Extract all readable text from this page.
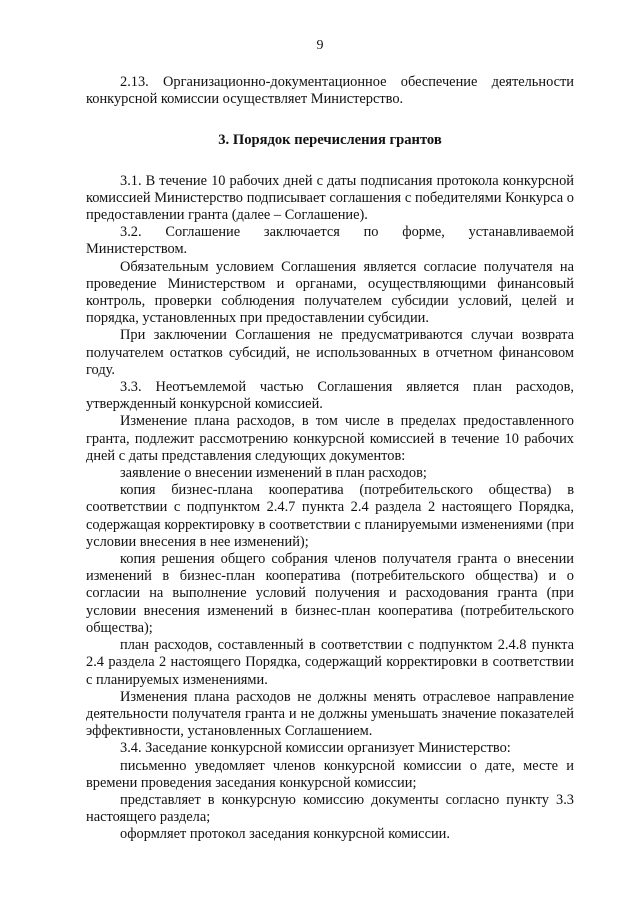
9

2.13. Организационно-документационное обеспечение деятельности конкурсной комиссии осуществляет Министерство.

3. Порядок перечисления грантов

3.1. В течение 10 рабочих дней с даты подписания протокола конкурсной комиссией Министерство подписывает соглашения с победителями Конкурса о предоставлении гранта (далее – Соглашение).

3.2. Соглашение заключается по форме, устанавливаемой Министерством.

Обязательным условием Соглашения является согласие получателя на проведение Министерством и органами, осуществляющими финансовый контроль, проверки соблюдения получателем субсидии условий, целей и порядка, установленных при предоставлении субсидии.

При заключении Соглашения не предусматриваются случаи возврата получателем остатков субсидий, не использованных в отчетном финансовом году.

3.3. Неотъемлемой частью Соглашения является план расходов, утвержденный конкурсной комиссией.

Изменение плана расходов, в том числе в пределах предоставленного гранта, подлежит рассмотрению конкурсной комиссией в течение 10 рабочих дней с даты представления следующих документов:

заявление о внесении изменений в план расходов;

копия бизнес-плана кооператива (потребительского общества) в соответствии с подпунктом 2.4.7 пункта 2.4 раздела 2 настоящего Порядка, содержащая корректировку в соответствии с планируемыми изменениями (при условии внесения в нее изменений);

копия решения общего собрания членов получателя гранта о внесении изменений в бизнес-план кооператива (потребительского общества) и о согласии на выполнение условий получения и расходования гранта (при условии внесения изменений в бизнес-план кооператива (потребительского общества);

план расходов, составленный в соответствии с подпунктом 2.4.8 пункта 2.4 раздела 2 настоящего Порядка, содержащий корректировки в соответствии с планируемых изменениями.

Изменения плана расходов не должны менять отраслевое направление деятельности получателя гранта и не должны уменьшать значение показателей эффективности, установленных Соглашением.

3.4. Заседание конкурсной комиссии организует Министерство:

письменно уведомляет членов конкурсной комиссии о дате, месте и времени проведения заседания конкурсной комиссии;

представляет в конкурсную комиссию документы согласно пункту 3.3 настоящего раздела;

оформляет протокол заседания конкурсной комиссии.
